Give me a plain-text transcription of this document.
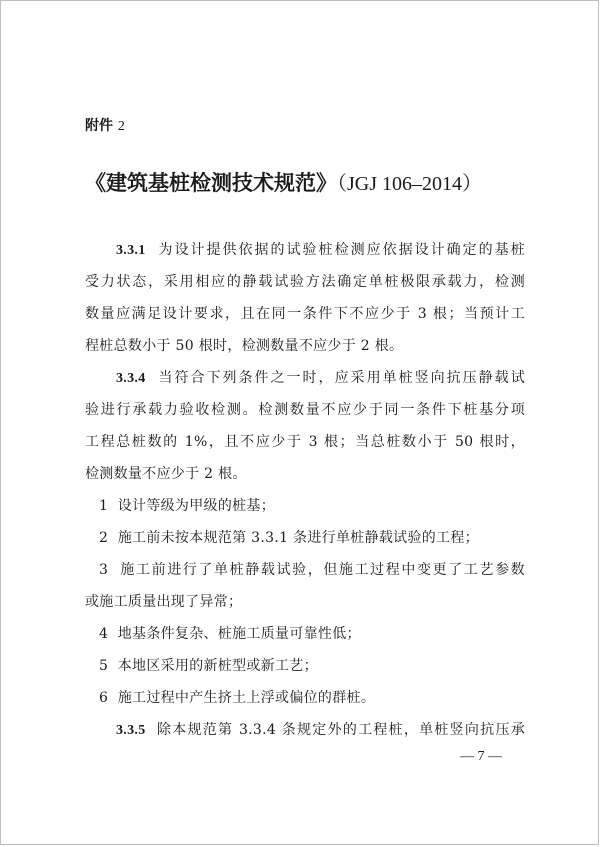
附件 2
《建筑基桩检测技术规范》（JGJ 106–2014）
3.3.1 为设计提供依据的试验桩检测应依据设计确定的基桩
受力状态，采用相应的静载试验方法确定单桩极限承载力，检测
数量应满足设计要求，且在同一条件下不应少于 3 根；当预计工
程桩总数小于 50 根时，检测数量不应少于 2 根。
3.3.4 当符合下列条件之一时，应采用单桩竖向抗压静载试
验进行承载力验收检测。检测数量不应少于同一条件下桩基分项
工程总桩数的 1%，且不应少于 3 根；当总桩数小于 50 根时，
检测数量不应少于 2 根。
1 设计等级为甲级的桩基；
2 施工前未按本规范第 3.3.1 条进行单桩静载试验的工程；
3 施工前进行了单桩静载试验，但施工过程中变更了工艺参数
或施工质量出现了异常；
4 地基条件复杂、桩施工质量可靠性低；
5 本地区采用的新桩型或新工艺；
6 施工过程中产生挤土上浮或偏位的群桩。
3.3.5 除本规范第 3.3.4 条规定外的工程桩，单桩竖向抗压承
— 7 —
